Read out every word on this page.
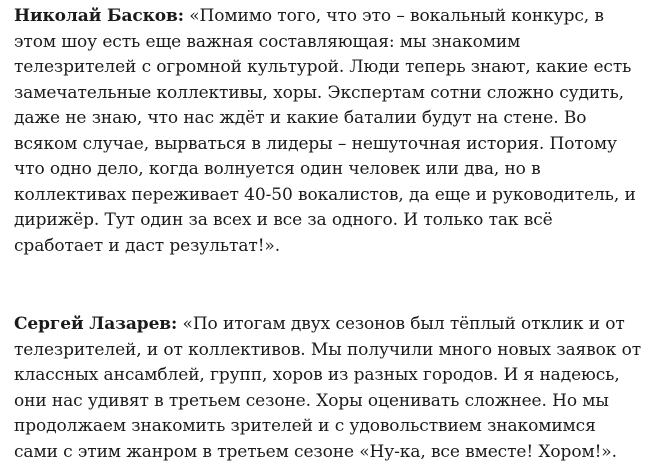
Николай Басков: «Помимо того, что это – вокальный конкурс, в этом шоу есть еще важная составляющая: мы знакомим телезрителей с огромной культурой. Люди теперь знают, какие есть замечательные коллективы, хоры. Экспертам сотни сложно судить, даже не знаю, что нас ждёт и какие баталии будут на стене. Во всяком случае, вырваться в лидеры – нешуточная история. Потому что одно дело, когда волнуется один человек или два, но в коллективах переживает 40-50 вокалистов, да еще и руководитель, и дирижёр. Тут один за всех и все за одного. И только так всё сработает и даст результат!».

Сергей Лазарев: «По итогам двух сезонов был тёплый отклик и от телезрителей, и от коллективов. Мы получили много новых заявок от классных ансамблей, групп, хоров из разных городов. И я надеюсь, они нас удивят в третьем сезоне. Хоры оценивать сложнее. Но мы продолжаем знакомить зрителей и с удовольствием знакомимся сами с этим жанром в третьем сезоне «Ну-ка, все вместе! Хором!».
